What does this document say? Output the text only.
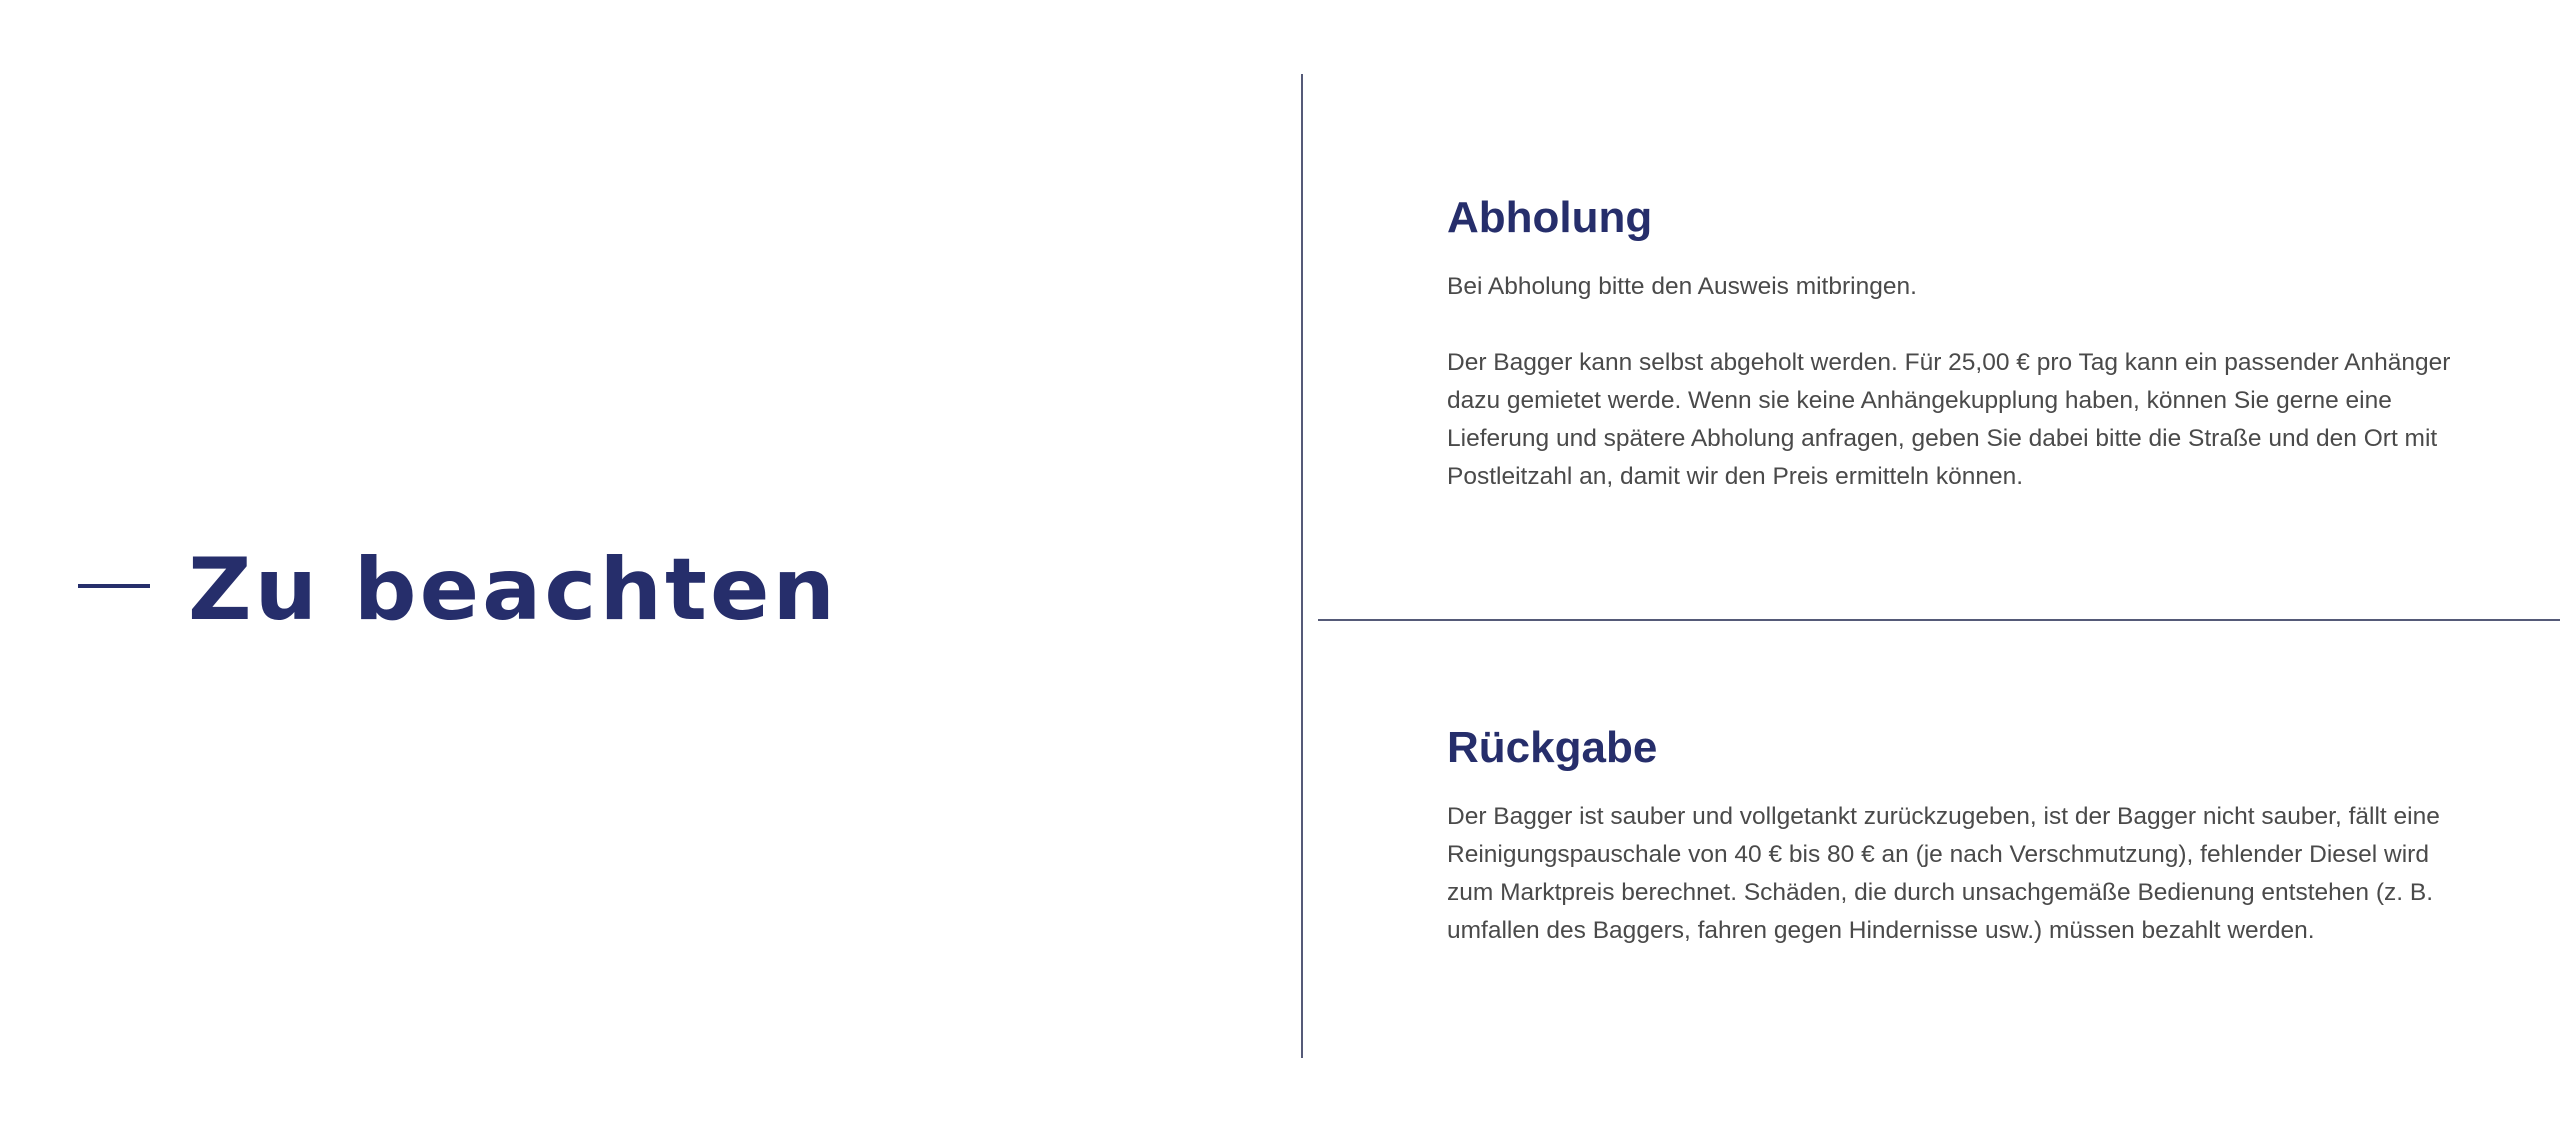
Zu beachten
Abholung

Bei Abholung bitte den Ausweis mitbringen.

Der Bagger kann selbst abgeholt werden. Für 25,00 € pro Tag kann ein passender Anhänger dazu gemietet werde. Wenn sie keine Anhängekupplung haben, können Sie gerne eine Lieferung und spätere Abholung anfragen, geben Sie dabei bitte die Straße und den Ort mit Postleitzahl an, damit wir den Preis ermitteln können.

Rückgabe

Der Bagger ist sauber und vollgetankt zurückzugeben, ist der Bagger nicht sauber, fällt eine Reinigungspauschale von 40 € bis 80 € an (je nach Verschmutzung), fehlender Diesel wird zum Marktpreis berechnet. Schäden, die durch unsachgemäße Bedienung entstehen (z. B. umfallen des Baggers, fahren gegen Hindernisse usw.) müssen bezahlt werden.
